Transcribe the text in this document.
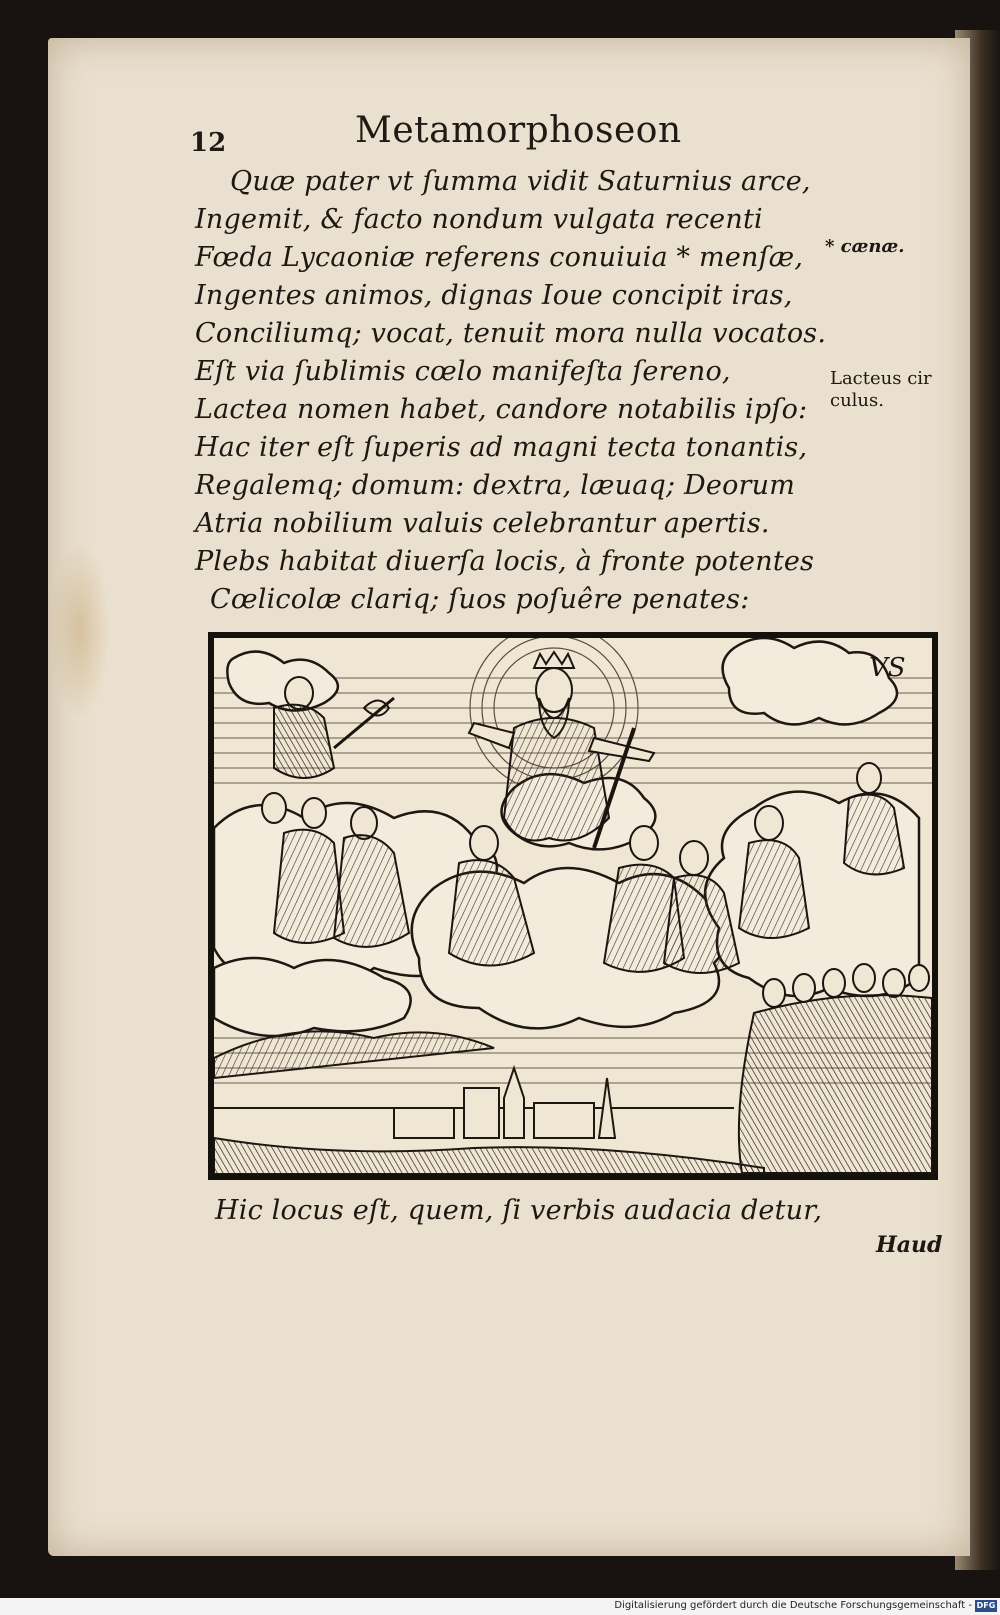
12	Metamorphoseon
Quæ pater vt ſumma vidit Saturnius arce,
Ingemit, & facto nondum vulgata recenti
Fœda Lycaoniæ referens conuiuia * menſæ,
Ingentes animos, dignas Ioue concipit iras,
Conciliumq; vocat, tenuit mora nulla vocatos.
Eſt via ſublimis cœlo manifeſta ſereno,
Lactea nomen habet, candore notabilis ipſo:
Hac iter eſt ſuperis ad magni tecta tonantis,
Regalemq; domum: dextra, læuaq; Deorum
Atria nobilium valuis celebrantur apertis.
Plebs habitat diuerſa locis, à fronte potentes
Cœlicolæ clariq; ſuos poſuêre penates:
* cænæ.
Lacteus cir
culus.
VS
Hic locus eſt, quem, ſi verbis audacia detur,
Haud
Digitalisierung gefördert durch die Deutsche Forschungsgemeinschaft - DFG
